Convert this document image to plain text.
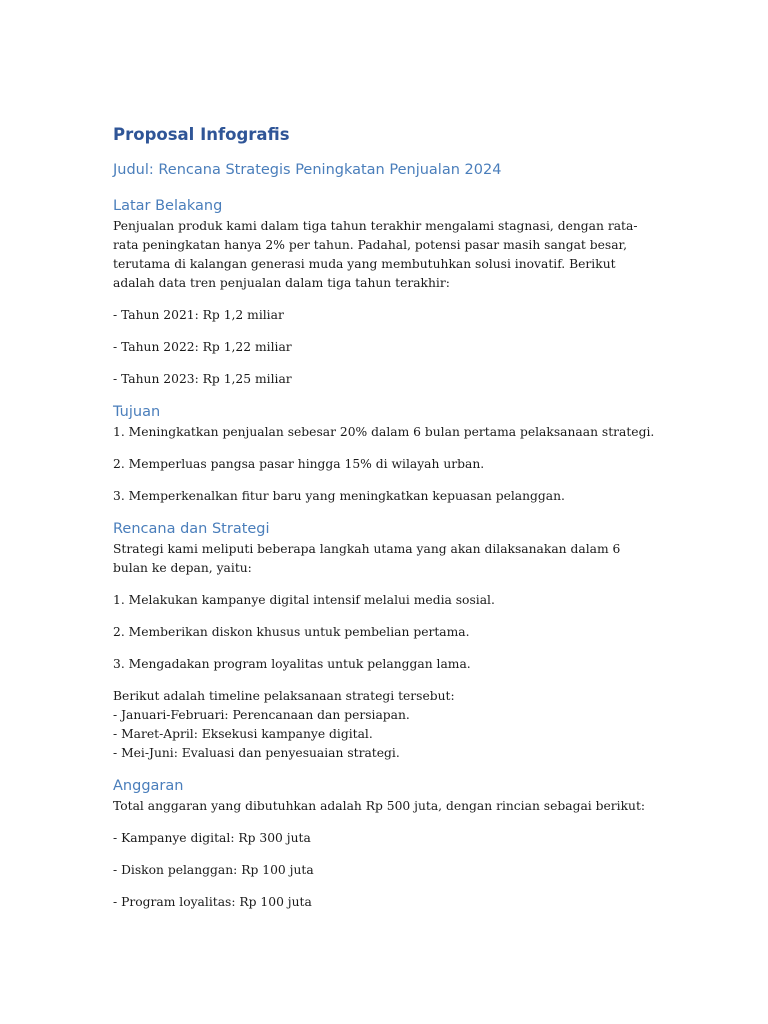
Proposal Infografis
Judul: Rencana Strategis Peningkatan Penjualan 2024
Latar Belakang
Penjualan produk kami dalam tiga tahun terakhir mengalami stagnasi, dengan rata-rata peningkatan hanya 2% per tahun. Padahal, potensi pasar masih sangat besar, terutama di kalangan generasi muda yang membutuhkan solusi inovatif. Berikut adalah data tren penjualan dalam tiga tahun terakhir:
- Tahun 2021: Rp 1,2 miliar
- Tahun 2022: Rp 1,22 miliar
- Tahun 2023: Rp 1,25 miliar
Tujuan
1. Meningkatkan penjualan sebesar 20% dalam 6 bulan pertama pelaksanaan strategi.
2. Memperluas pangsa pasar hingga 15% di wilayah urban.
3. Memperkenalkan fitur baru yang meningkatkan kepuasan pelanggan.
Rencana dan Strategi
Strategi kami meliputi beberapa langkah utama yang akan dilaksanakan dalam 6 bulan ke depan, yaitu:
1. Melakukan kampanye digital intensif melalui media sosial.
2. Memberikan diskon khusus untuk pembelian pertama.
3. Mengadakan program loyalitas untuk pelanggan lama.
Berikut adalah timeline pelaksanaan strategi tersebut:
- Januari-Februari: Perencanaan dan persiapan.
- Maret-April: Eksekusi kampanye digital.
- Mei-Juni: Evaluasi dan penyesuaian strategi.
Anggaran
Total anggaran yang dibutuhkan adalah Rp 500 juta, dengan rincian sebagai berikut:
- Kampanye digital: Rp 300 juta
- Diskon pelanggan: Rp 100 juta
- Program loyalitas: Rp 100 juta
